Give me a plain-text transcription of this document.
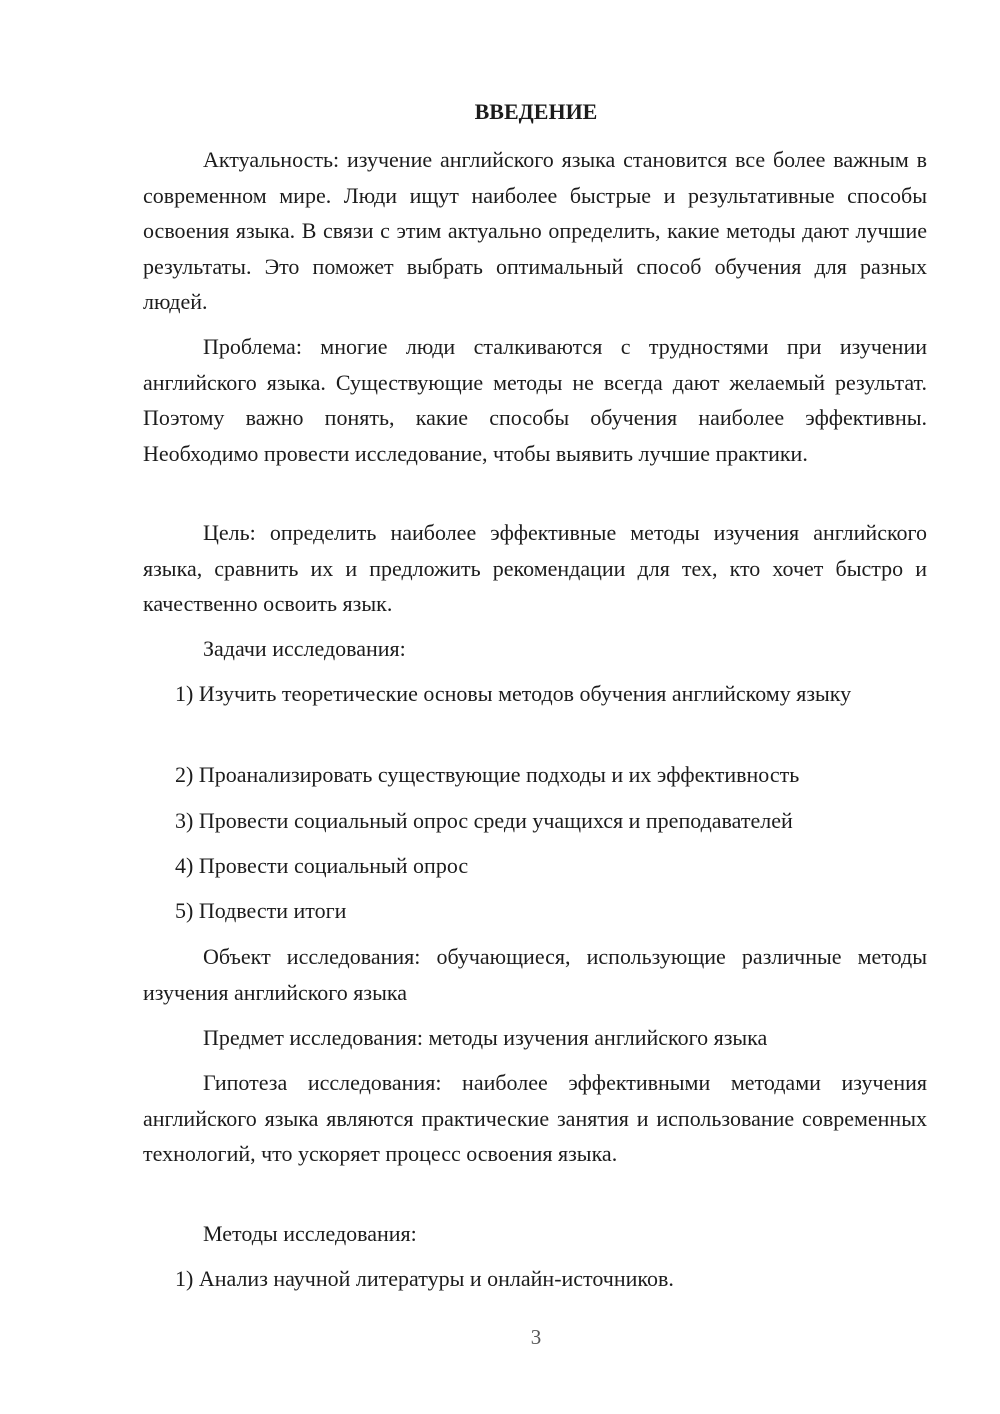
ВВЕДЕНИЕ

Актуальность: изучение английского языка становится все более важным в современном мире. Люди ищут наиболее быстрые и результативные способы освоения языка. В связи с этим актуально определить, какие методы дают лучшие результаты. Это поможет выбрать оптимальный способ обучения для разных людей.

Проблема: многие люди сталкиваются с трудностями при изучении английского языка. Существующие методы не всегда дают желаемый результат. Поэтому важно понять, какие способы обучения наиболее эффективны. Необходимо провести исследование, чтобы выявить лучшие практики.

Цель: определить наиболее эффективные методы изучения английского языка, сравнить их и предложить рекомендации для тех, кто хочет быстро и качественно освоить язык.

Задачи исследования:

1) Изучить теоретические основы методов обучения английскому языку

2) Проанализировать существующие подходы и их эффективность

3) Провести социальный опрос среди учащихся и преподавателей

4) Провести социальный опрос

5) Подвести итоги

Объект исследования: обучающиеся, использующие различные методы изучения английского языка

Предмет исследования: методы изучения английского языка

Гипотеза исследования: наиболее эффективными методами изучения английского языка являются практические занятия и использование современных технологий, что ускоряет процесс освоения языка.

Методы исследования:

1) Анализ научной литературы и онлайн-источников.

3
